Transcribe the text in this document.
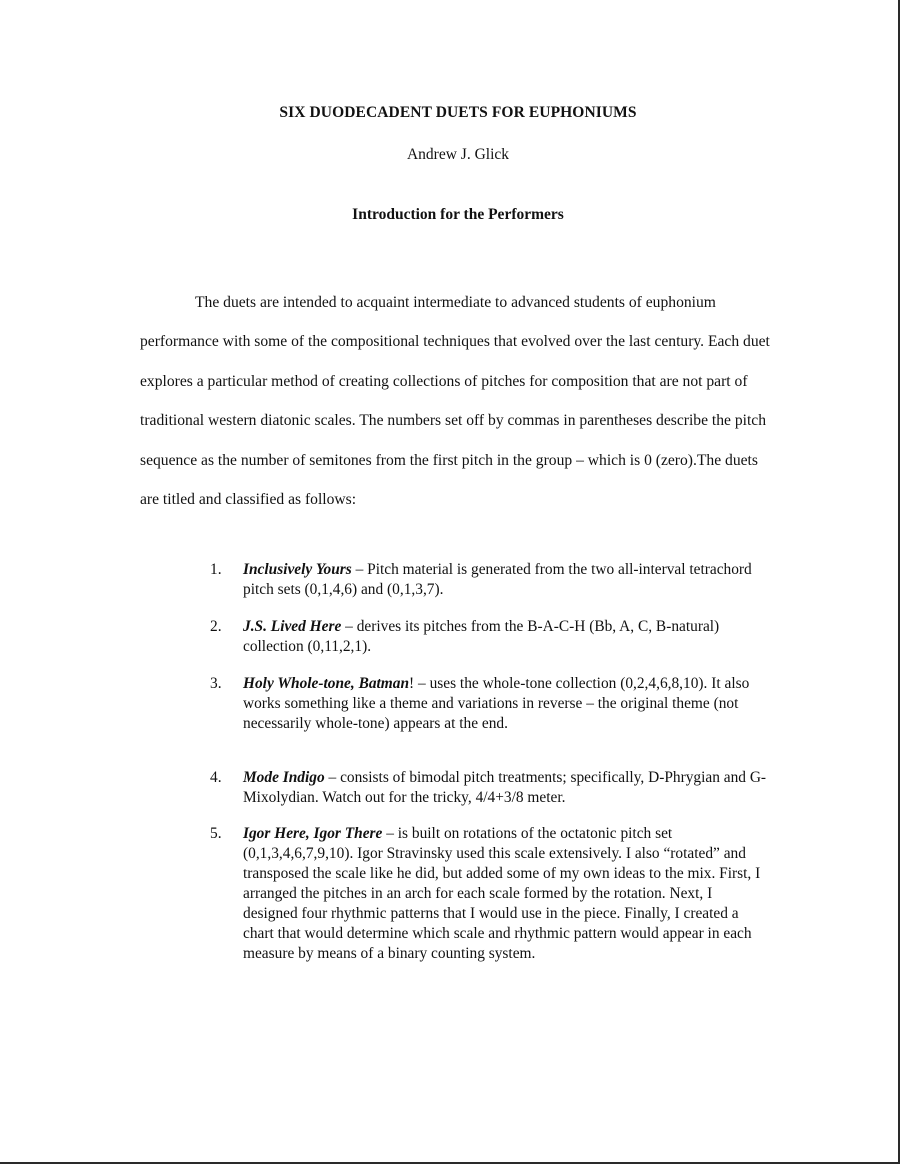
SIX DUODECADENT DUETS FOR EUPHONIUMS
Andrew J. Glick
Introduction for the Performers

The duets are intended to acquaint intermediate to advanced students of euphonium performance with some of the compositional techniques that evolved over the last century. Each duet explores a particular method of creating collections of pitches for composition that are not part of traditional western diatonic scales. The numbers set off by commas in parentheses describe the pitch sequence as the number of semitones from the first pitch in the group – which is 0 (zero).The duets are titled and classified as follows:

1.	Inclusively Yours – Pitch material is generated from the two all-interval tetrachord pitch sets (0,1,4,6) and (0,1,3,7).
2.	J.S. Lived Here – derives its pitches from the B-A-C-H (Bb, A, C, B-natural) collection (0,11,2,1).
3.	Holy Whole-tone, Batman! – uses the whole-tone collection (0,2,4,6,8,10). It also works something like a theme and variations in reverse – the original theme (not necessarily whole-tone) appears at the end.
4.	Mode Indigo – consists of bimodal pitch treatments; specifically, D-Phrygian and G-Mixolydian. Watch out for the tricky, 4/4+3/8 meter.
5.	Igor Here, Igor There – is built on rotations of the octatonic pitch set (0,1,3,4,6,7,9,10). Igor Stravinsky used this scale extensively. I also “rotated” and transposed the scale like he did, but added some of my own ideas to the mix. First, I arranged the pitches in an arch for each scale formed by the rotation. Next, I designed four rhythmic patterns that I would use in the piece. Finally, I created a chart that would determine which scale and rhythmic pattern would appear in each measure by means of a binary counting system.
